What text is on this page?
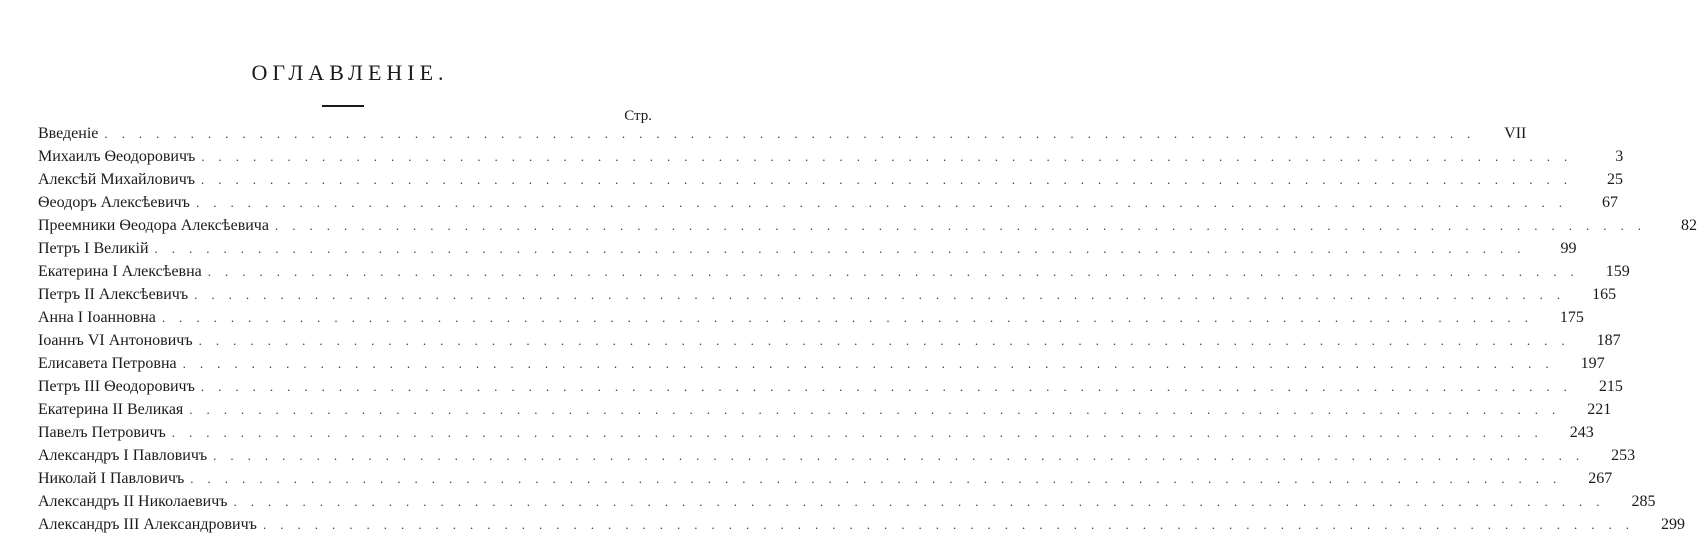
ОГЛАВЛЕНІЕ.
Стр.
Введеніе ................................................................................	VII
Михаилъ Ѳеодоровичъ ................................................................................	3
Алексѣй Михайловичъ ................................................................................	25
Ѳеодоръ Алексѣевичъ ................................................................................	67
Преемники Ѳеодора Алексѣевича ................................................................................	82
Петръ I Великій ................................................................................	99
Екатерина I Алексѣевна ................................................................................	159
Петръ II Алексѣевичъ ................................................................................	165
Анна I Іоанновна ................................................................................	175
Іоаннъ VI Антоновичъ ................................................................................	187
Елисавета Петровна ................................................................................	197
Петръ III Ѳеодоровичъ ................................................................................	215
Екатерина II Великая ................................................................................	221
Павелъ Петровичъ ................................................................................	243
Александръ I Павловичъ ................................................................................	253
Николай I Павловичъ ................................................................................	267
Александръ II Николаевичъ ................................................................................	285
Александръ III Александровичъ ................................................................................	299
